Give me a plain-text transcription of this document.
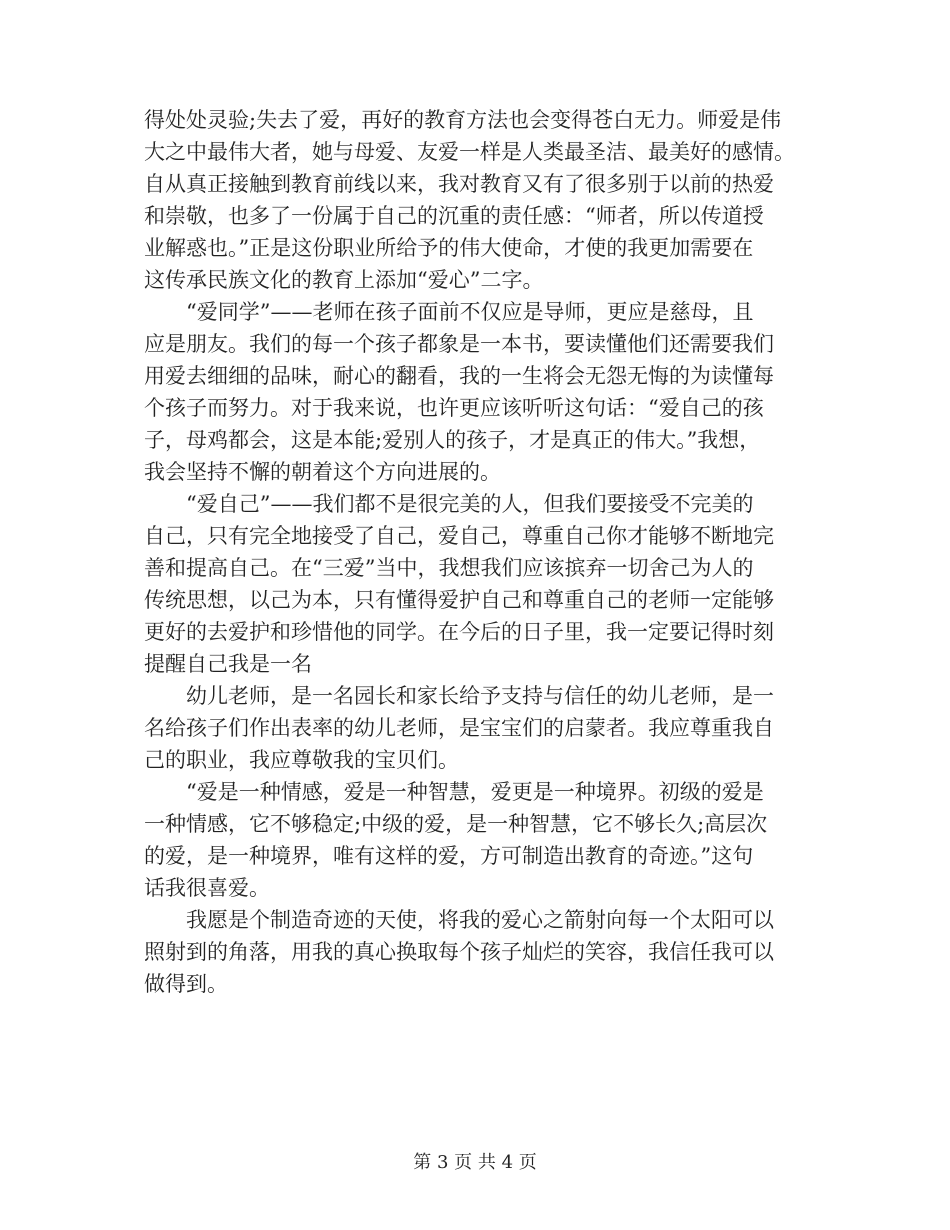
得处处灵验;失去了爱，再好的教育方法也会变得苍白无力。师爱是伟
大之中最伟大者，她与母爱、友爱一样是人类最圣洁、最美好的感情。
自从真正接触到教育前线以来，我对教育又有了很多别于以前的热爱
和崇敬，也多了一份属于自己的沉重的责任感：“师者，所以传道授
业解惑也。”正是这份职业所给予的伟大使命，才使的我更加需要在
这传承民族文化的教育上添加“爱心”二字。

“爱同学”——老师在孩子面前不仅应是导师，更应是慈母，且
应是朋友。我们的每一个孩子都象是一本书，要读懂他们还需要我们
用爱去细细的品味，耐心的翻看，我的一生将会无怨无悔的为读懂每
个孩子而努力。对于我来说，也许更应该听听这句话：“爱自己的孩
子，母鸡都会，这是本能;爱别人的孩子，才是真正的伟大。”我想，
我会坚持不懈的朝着这个方向进展的。

“爱自己”——我们都不是很完美的人，但我们要接受不完美的
自己，只有完全地接受了自己，爱自己，尊重自己你才能够不断地完
善和提高自己。在“三爱”当中，我想我们应该摈弃一切舍己为人的
传统思想，以己为本，只有懂得爱护自己和尊重自己的老师一定能够
更好的去爱护和珍惜他的同学。在今后的日子里，我一定要记得时刻
提醒自己我是一名

幼儿老师，是一名园长和家长给予支持与信任的幼儿老师，是一
名给孩子们作出表率的幼儿老师，是宝宝们的启蒙者。我应尊重我自
己的职业，我应尊敬我的宝贝们。

“爱是一种情感，爱是一种智慧，爱更是一种境界。初级的爱是
一种情感，它不够稳定;中级的爱，是一种智慧，它不够长久;高层次
的爱，是一种境界，唯有这样的爱，方可制造出教育的奇迹。”这句
话我很喜爱。

我愿是个制造奇迹的天使，将我的爱心之箭射向每一个太阳可以
照射到的角落，用我的真心换取每个孩子灿烂的笑容，我信任我可以
做得到。

第 3 页 共 4 页
